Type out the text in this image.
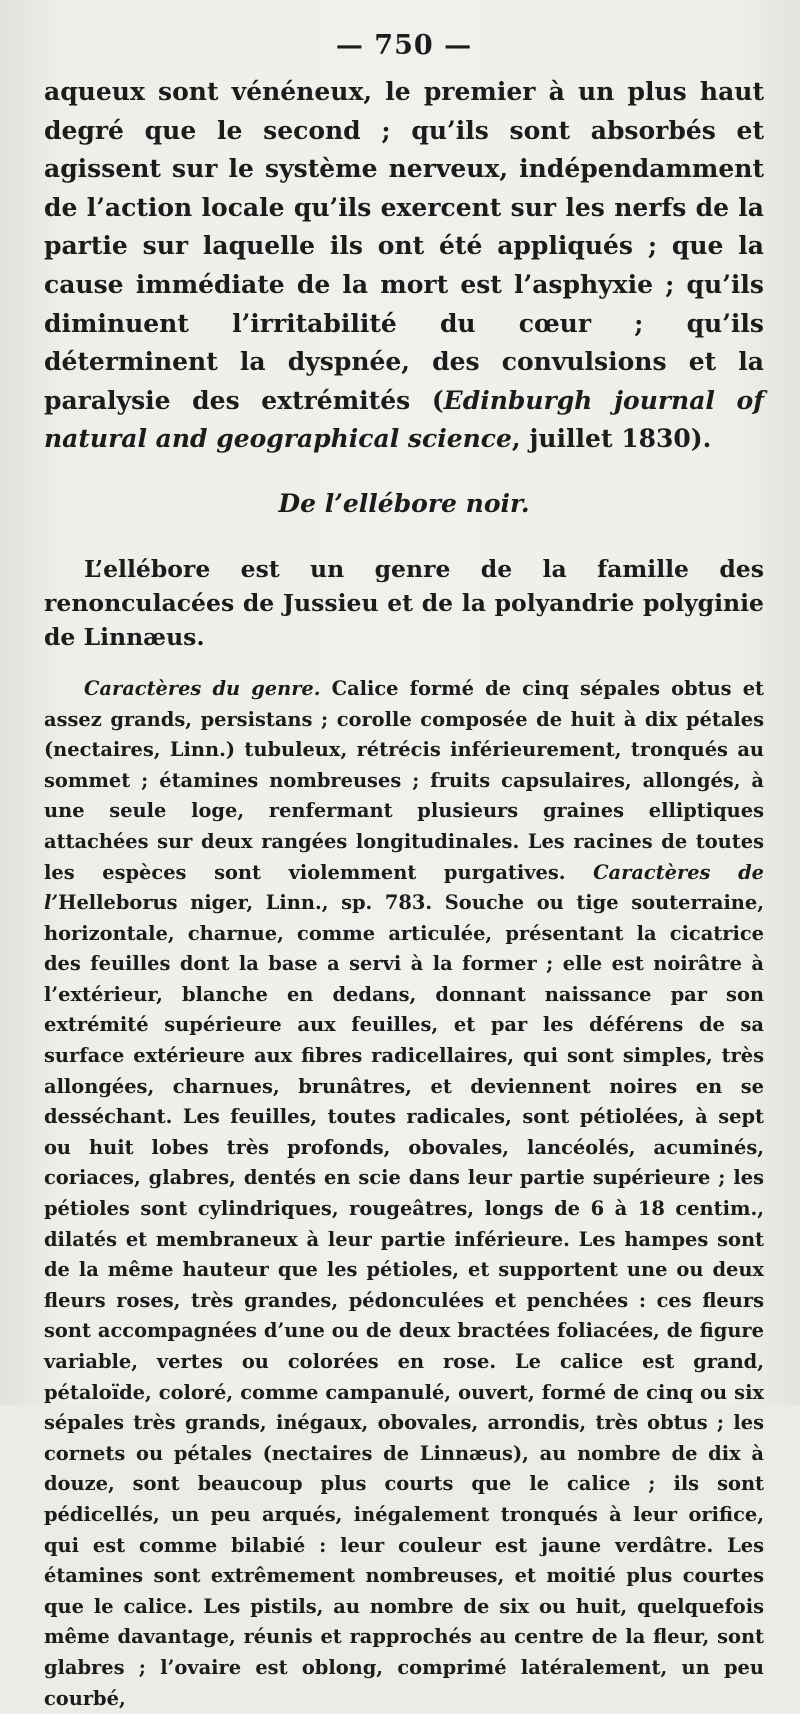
— 750 —

aqueux sont vénéneux, le premier à un plus haut degré que le second ; qu’ils sont absorbés et agissent sur le système nerveux, indépendamment de l’action locale qu’ils exercent sur les nerfs de la partie sur laquelle ils ont été appliqués ; que la cause immédiate de la mort est l’asphyxie ; qu’ils diminuent l’irritabilité du cœur ; qu’ils déterminent la dyspnée, des convulsions et la paralysie des extrémités (Edinburgh journal of natural and geographical science, juillet 1830).

De l’ellébore noir.

L’ellébore est un genre de la famille des renonculacées de Jussieu et de la polyandrie polyginie de Linnæus.

Caractères du genre. Calice formé de cinq sépales obtus et assez grands, persistans ; corolle composée de huit à dix pétales (nectaires, Linn.) tubuleux, rétrécis inférieurement, tronqués au sommet ; étamines nombreuses ; fruits capsulaires, allongés, à une seule loge, renfermant plusieurs graines elliptiques attachées sur deux rangées longitudinales. Les racines de toutes les espèces sont violemment purgatives. Caractères de l’Helleborus niger, Linn., sp. 783. Souche ou tige souterraine, horizontale, charnue, comme articulée, présentant la cicatrice des feuilles dont la base a servi à la former ; elle est noirâtre à l’extérieur, blanche en dedans, donnant naissance par son extrémité supérieure aux feuilles, et par les déférens de sa surface extérieure aux fibres radicellaires, qui sont simples, très allongées, charnues, brunâtres, et deviennent noires en se desséchant. Les feuilles, toutes radicales, sont pétiolées, à sept ou huit lobes très profonds, obovales, lancéolés, acuminés, coriaces, glabres, dentés en scie dans leur partie supérieure ; les pétioles sont cylindriques, rougeâtres, longs de 6 à 18 centim., dilatés et membraneux à leur partie inférieure. Les hampes sont de la même hauteur que les pétioles, et supportent une ou deux fleurs roses, très grandes, pédonculées et penchées : ces fleurs sont accompagnées d’une ou de deux bractées foliacées, de figure variable, vertes ou colorées en rose. Le calice est grand, pétaloïde, coloré, comme campanulé, ouvert, formé de cinq ou six sépales très grands, inégaux, obovales, arrondis, très obtus ; les cornets ou pétales (nectaires de Linnæus), au nombre de dix à douze, sont beaucoup plus courts que le calice ; ils sont pédicellés, un peu arqués, inégalement tronqués à leur orifice, qui est comme bilabié : leur couleur est jaune verdâtre. Les étamines sont extrêmement nombreuses, et moitié plus courtes que le calice. Les pistils, au nombre de six ou huit, quelquefois même davantage, réunis et rapprochés au centre de la fleur, sont glabres ; l’ovaire est oblong, comprimé latéralement, un peu courbé,
